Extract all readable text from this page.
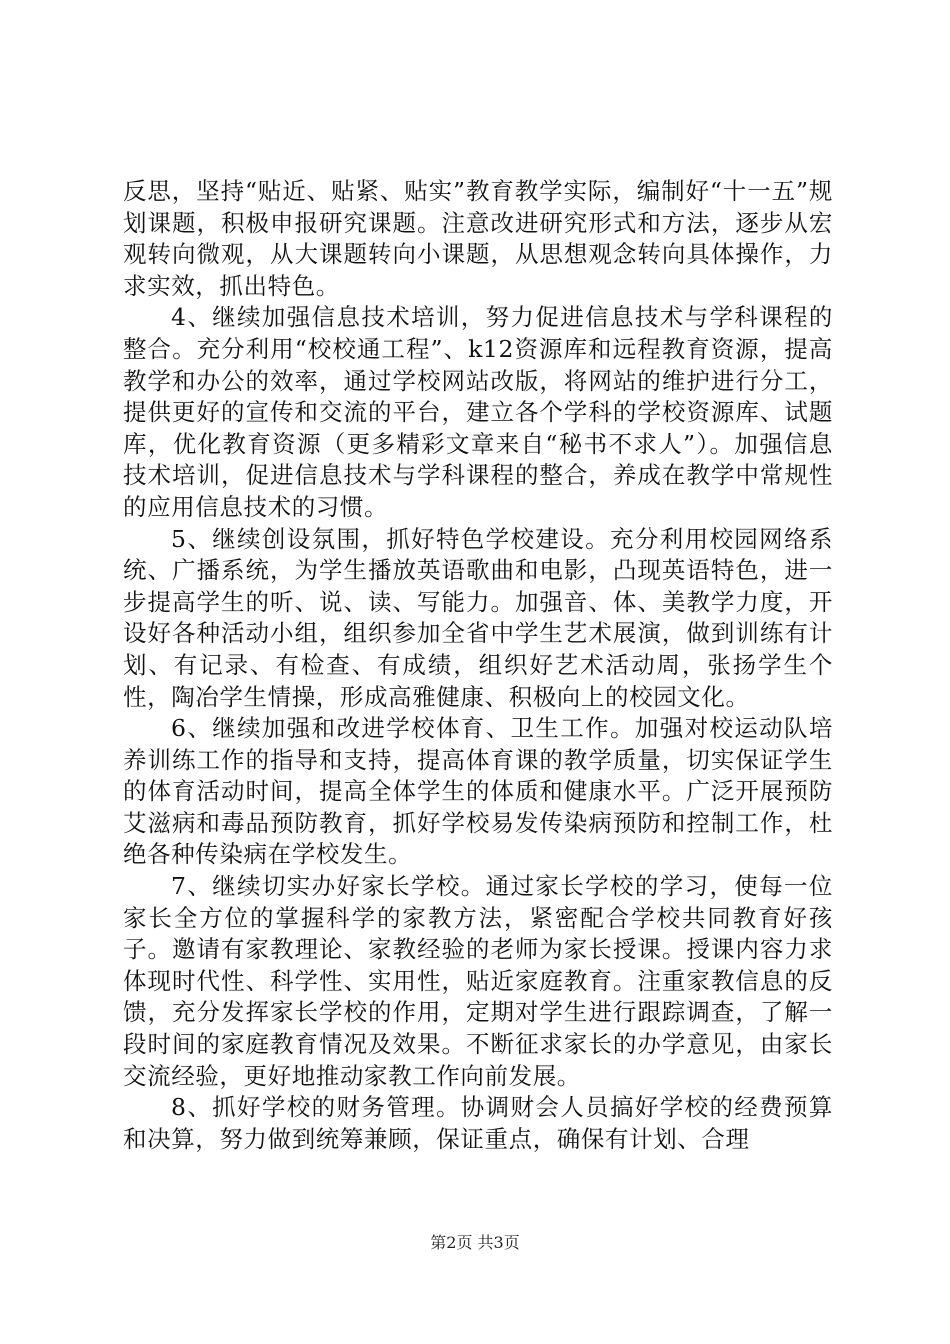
反思，坚持“贴近、贴紧、贴实”教育教学实际，编制好“十一五”规划课题，积极申报研究课题。注意改进研究形式和方法，逐步从宏观转向微观，从大课题转向小课题，从思想观念转向具体操作，力求实效，抓出特色。

4、继续加强信息技术培训，努力促进信息技术与学科课程的整合。充分利用“校校通工程”、k12资源库和远程教育资源，提高教学和办公的效率，通过学校网站改版，将网站的维护进行分工，提供更好的宣传和交流的平台，建立各个学科的学校资源库、试题库，优化教育资源（更多精彩文章来自“秘书不求人”）。加强信息技术培训，促进信息技术与学科课程的整合，养成在教学中常规性的应用信息技术的习惯。

5、继续创设氛围，抓好特色学校建设。充分利用校园网络系统、广播系统，为学生播放英语歌曲和电影，凸现英语特色，进一步提高学生的听、说、读、写能力。加强音、体、美教学力度，开设好各种活动小组，组织参加全省中学生艺术展演，做到训练有计划、有记录、有检查、有成绩，组织好艺术活动周，张扬学生个性，陶冶学生情操，形成高雅健康、积极向上的校园文化。

6、继续加强和改进学校体育、卫生工作。加强对校运动队培养训练工作的指导和支持，提高体育课的教学质量，切实保证学生的体育活动时间，提高全体学生的体质和健康水平。广泛开展预防艾滋病和毒品预防教育，抓好学校易发传染病预防和控制工作，杜绝各种传染病在学校发生。

7、继续切实办好家长学校。通过家长学校的学习，使每一位家长全方位的掌握科学的家教方法，紧密配合学校共同教育好孩子。邀请有家教理论、家教经验的老师为家长授课。授课内容力求体现时代性、科学性、实用性，贴近家庭教育。注重家教信息的反馈，充分发挥家长学校的作用，定期对学生进行跟踪调查，了解一段时间的家庭教育情况及效果。不断征求家长的办学意见，由家长交流经验，更好地推动家教工作向前发展。

8、抓好学校的财务管理。协调财会人员搞好学校的经费预算和决算，努力做到统筹兼顾，保证重点，确保有计划、合理

第2页 共3页
